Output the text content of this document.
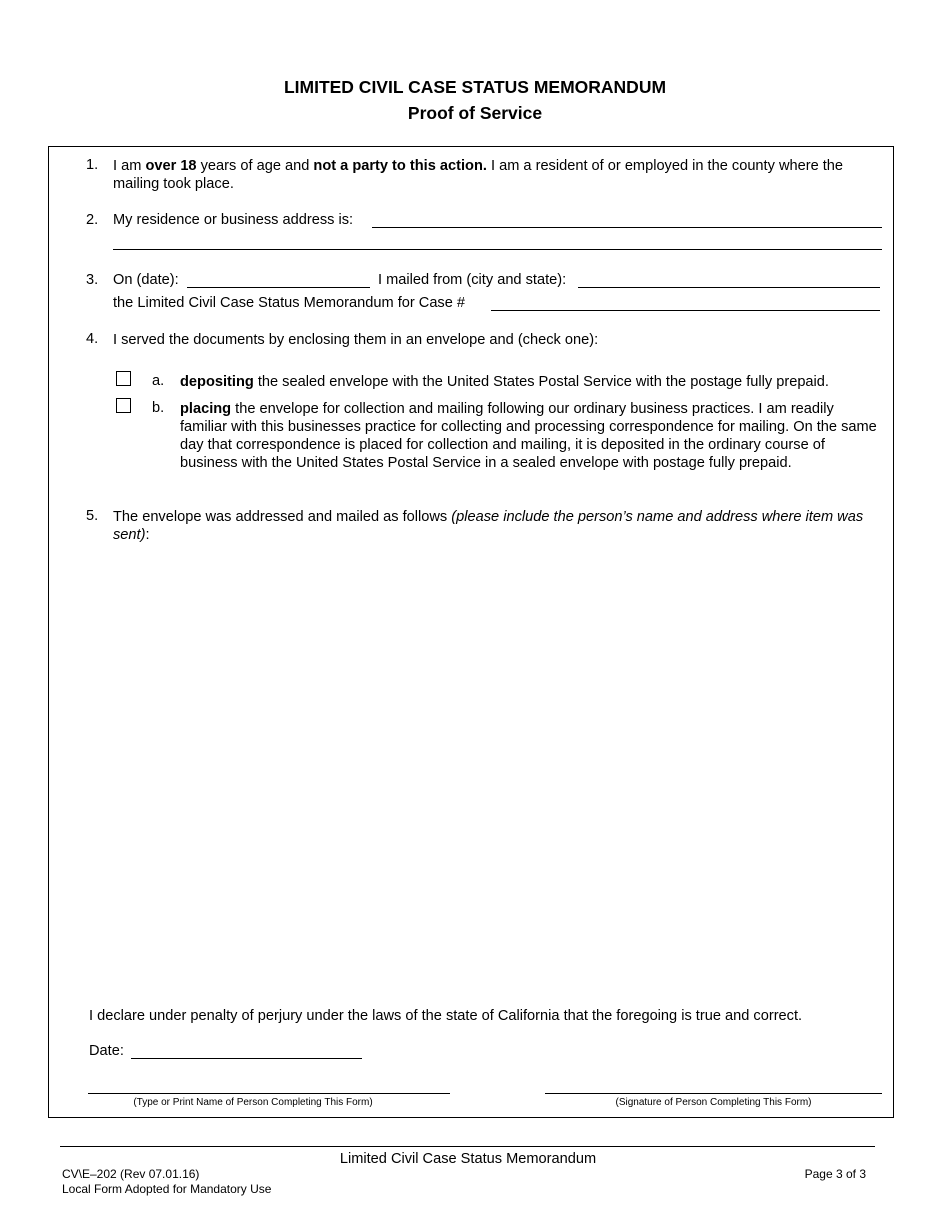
LIMITED CIVIL CASE STATUS MEMORANDUM
Proof of Service
1. I am over 18 years of age and not a party to this action. I am a resident of or employed in the county where the mailing took place.
2. My residence or business address is:
3. On (date):	I mailed from (city and state):
the Limited Civil Case Status Memorandum for Case #
4. I served the documents by enclosing them in an envelope and (check one):
a. depositing the sealed envelope with the United States Postal Service with the postage fully prepaid.
b. placing the envelope for collection and mailing following our ordinary business practices. I am readily familiar with this businesses practice for collecting and processing correspondence for mailing. On the same day that correspondence is placed for collection and mailing, it is deposited in the ordinary course of business with the United States Postal Service in a sealed envelope with postage fully prepaid.
5. The envelope was addressed and mailed as follows (please include the person’s name and address where item was sent):
I declare under penalty of perjury under the laws of the state of California that the foregoing is true and correct.
Date:
(Type or Print Name of Person Completing This Form)	(Signature of Person Completing This Form)
Limited Civil Case Status Memorandum
CV\E–202 (Rev 07.01.16)
Local Form Adopted for Mandatory Use
Page 3 of 3
